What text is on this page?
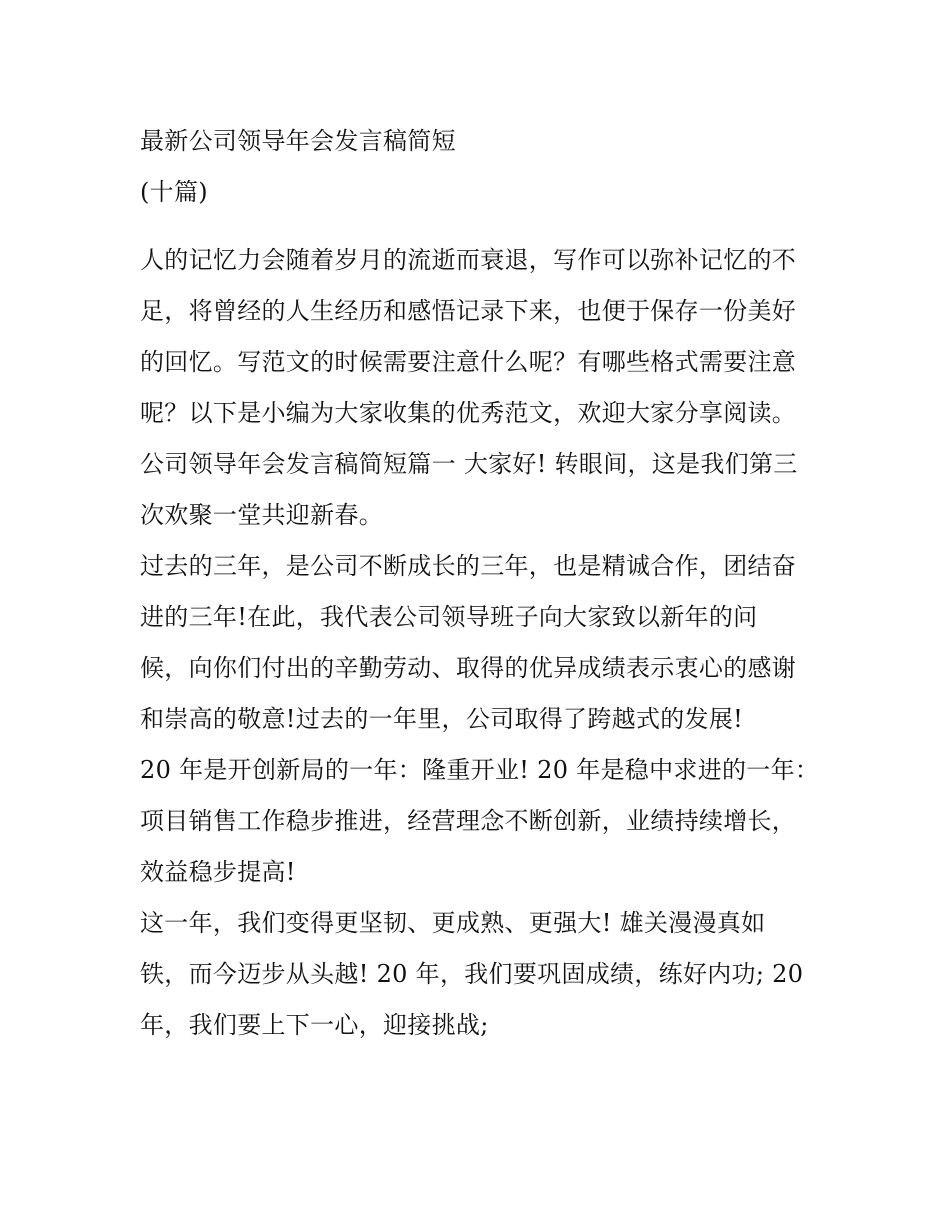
最新公司领导年会发言稿简短
(十篇)
人的记忆力会随着岁月的流逝而衰退，写作可以弥补记忆的不
足，将曾经的人生经历和感悟记录下来，也便于保存一份美好
的回忆。写范文的时候需要注意什么呢？有哪些格式需要注意
呢？以下是小编为大家收集的优秀范文，欢迎大家分享阅读。
公司领导年会发言稿简短篇一 大家好! 转眼间，这是我们第三
次欢聚一堂共迎新春。
过去的三年，是公司不断成长的三年，也是精诚合作，团结奋
进的三年!在此，我代表公司领导班子向大家致以新年的问
候，向你们付出的辛勤劳动、取得的优异成绩表示衷心的感谢
和崇高的敬意!过去的一年里，公司取得了跨越式的发展!
20 年是开创新局的一年：隆重开业! 20 年是稳中求进的一年：
项目销售工作稳步推进，经营理念不断创新，业绩持续增长，
效益稳步提高!
这一年，我们变得更坚韧、更成熟、更强大! 雄关漫漫真如
铁，而今迈步从头越! 20 年，我们要巩固成绩，练好内功; 20
年，我们要上下一心，迎接挑战;
